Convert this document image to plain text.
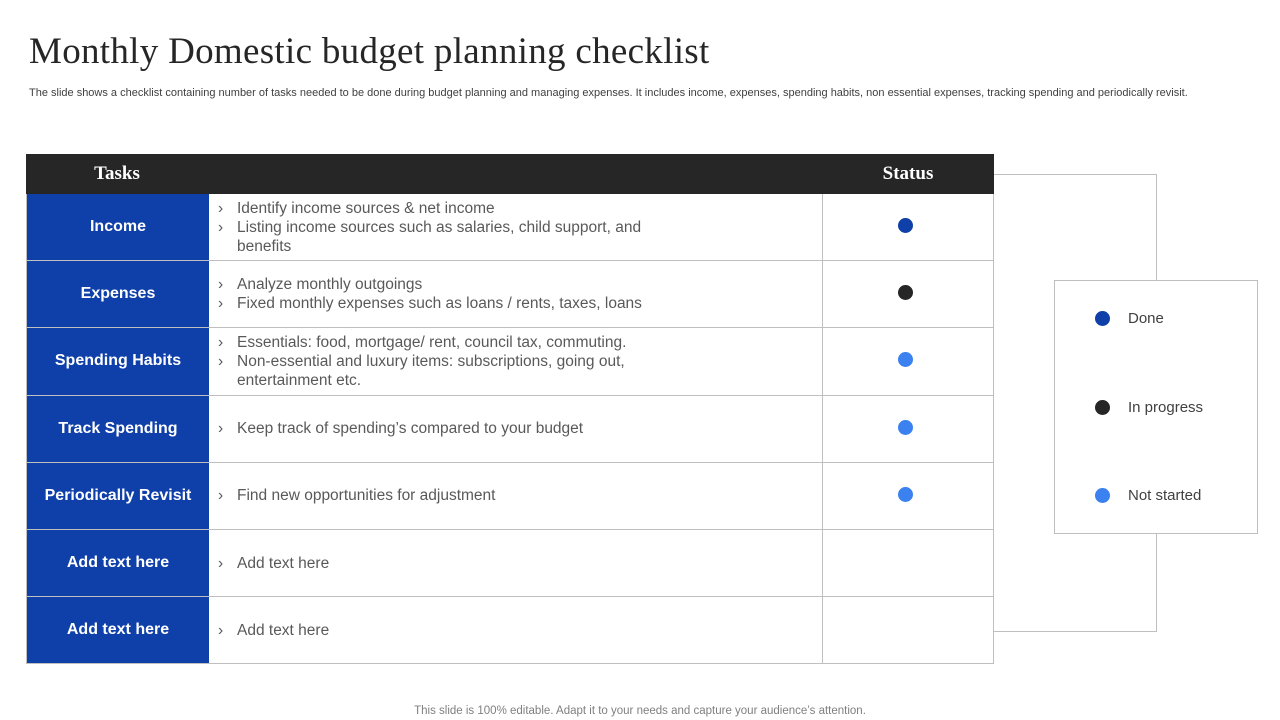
Monthly Domestic budget planning checklist
The slide shows a checklist containing number of tasks needed to be done during budget planning and managing expenses. It includes income, expenses, spending habits, non essential expenses, tracking spending and periodically revisit.
Tasks	Status
Income
› Identify income sources & net income
› Listing income sources such as salaries, child support, and benefits
Expenses
› Analyze monthly outgoings
› Fixed monthly expenses such as loans / rents, taxes, loans
Spending Habits
› Essentials: food, mortgage/ rent, council tax, commuting.
› Non-essential and luxury items: subscriptions, going out, entertainment etc.
Track Spending	› Keep track of spending’s compared to your budget
Periodically Revisit	› Find new opportunities for adjustment
Add text here	› Add text here
Add text here	› Add text here
Done
In progress
Not started
This slide is 100% editable. Adapt it to your needs and capture your audience’s attention.
